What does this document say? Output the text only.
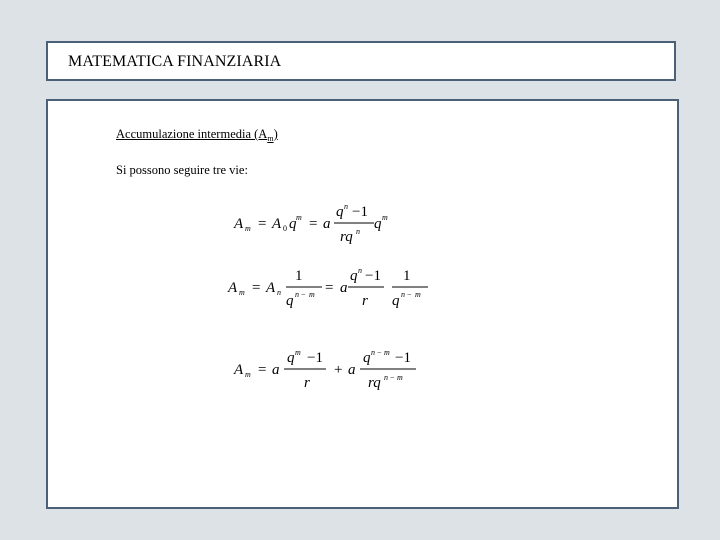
MATEMATICA FINANZIARIA
Accumulazione intermedia $(A_m)$
Si possono seguire tre vie:
A m = A 0 q m = a
q n −1
rq n q m
A m = A n
1
q n − m = a
q n −1
r
1
q n − m
A m = a
q m −1
r
+ a
q n − m −1
rq n − m
